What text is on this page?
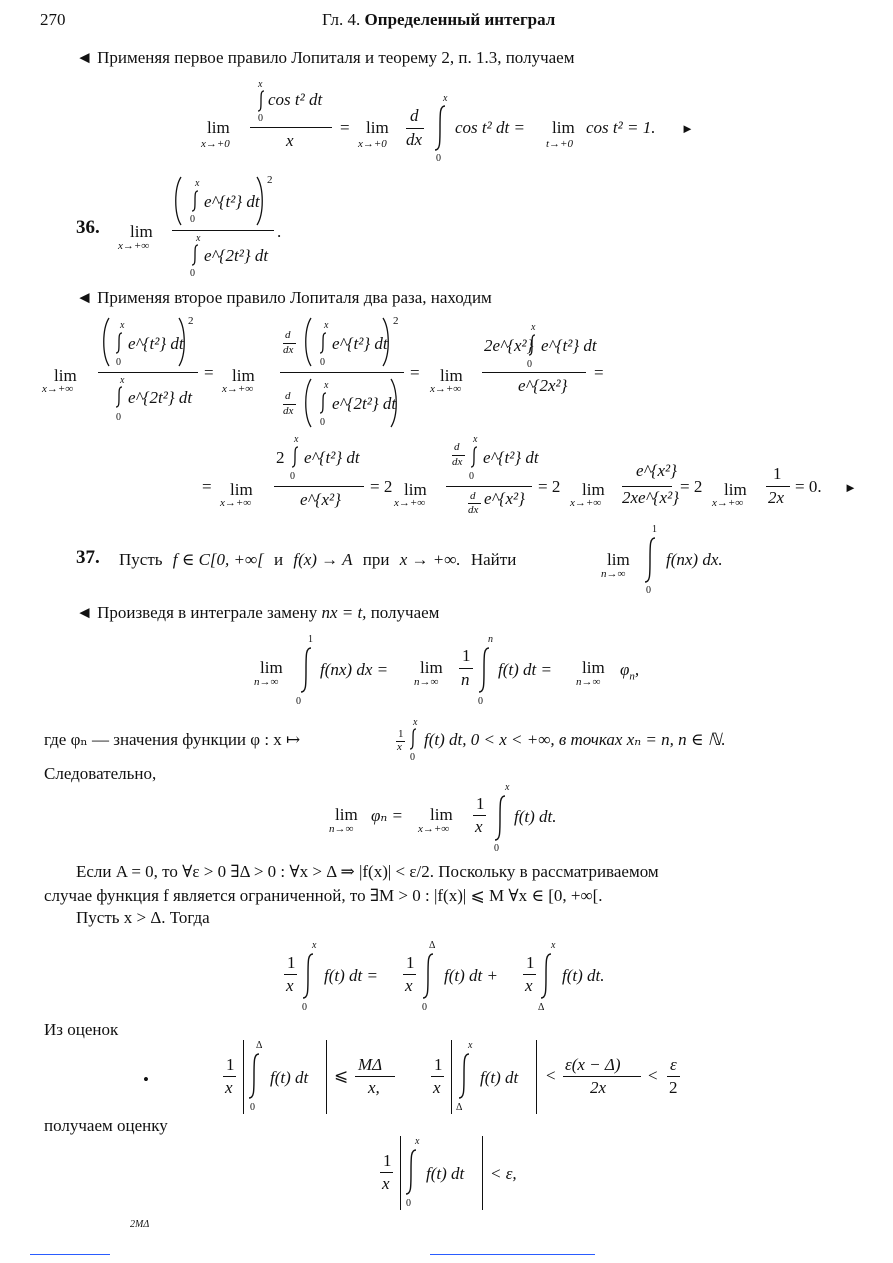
270	Гл. 4. Определенный интеграл
◄ Применяя первое правило Лопиталя и теорему 2, п. 1.3, получаем
x
cos t² dt
0
x
lim
x→+0
= lim
x→+0
d
dx
x
0
cos t² dt = lim
t→+0
cos t² = 1. ►
36. lim
x→+∞
x
e^{t²} dt
0
2
.
x
e^{2t²} dt
0
◄ Применяя второе правило Лопиталя два раза, находим
lim
x→+∞
x
e^{t²} dt
0
2
x
e^{2t²} dt
0
= lim
x→+∞
d
dx
x
e^{t²} dt
0
2
d
dx
x
e^{2t²} dt
0
= lim
x→+∞
2e^{x²}
x
e^{t²} dt
0
e^{2x²}
=
= lim
x→+∞
2
x
e^{t²} dt
0
e^{x²}
= 2 lim
x→+∞
d
dx
x
e^{t²} dt
0
d
dx
e^{x²}
= 2 lim
x→+∞
e^{x²}
2xe^{x²}
= 2 lim
x→+∞
1
2x
= 0. ►
37. Пусть f ∈ C[0, +∞[ и f(x) → A при x → +∞. Найти	lim
n→∞
1
0
f(nx) dx.
◄ Произведя в интеграле замену nx = t, получаем
lim
n→∞
1
0
f(nx) dx = lim
n→∞
1
n
n
0
f(t) dt = lim
n→∞
$\varphi_n$,
где φₙ — значения функции φ : x ↦	1
x
x
0
f(t) dt, 0 < x < +∞, в точках xₙ = n, n ∈ ℕ.
Следовательно,
lim
n→∞
φₙ = lim
x→+∞
1
x
x
0
f(t) dt.
Если A = 0, то ∀ε > 0 ∃Δ > 0 : ∀x > Δ ⇒ |f(x)| < ε/2. Поскольку в рассматриваемом
случае функция f является ограниченной, то ∃M > 0 : |f(x)| ⩽ M ∀x ∈ [0, +∞[.
Пусть x > Δ. Тогда
1
x
x
0
f(t) dt =
1
x
Δ
0
f(t) dt +
1
x
x
Δ
f(t) dt.
Из оценок
•
1
x
Δ
0
f(t) dt ⩽
MΔ
x,
1
x
x
Δ
f(t) dt <
ε(x − Δ)
2x
<
ε
2
получаем оценку
1
x
x
0
f(t) dt < ε,
2MΔ
